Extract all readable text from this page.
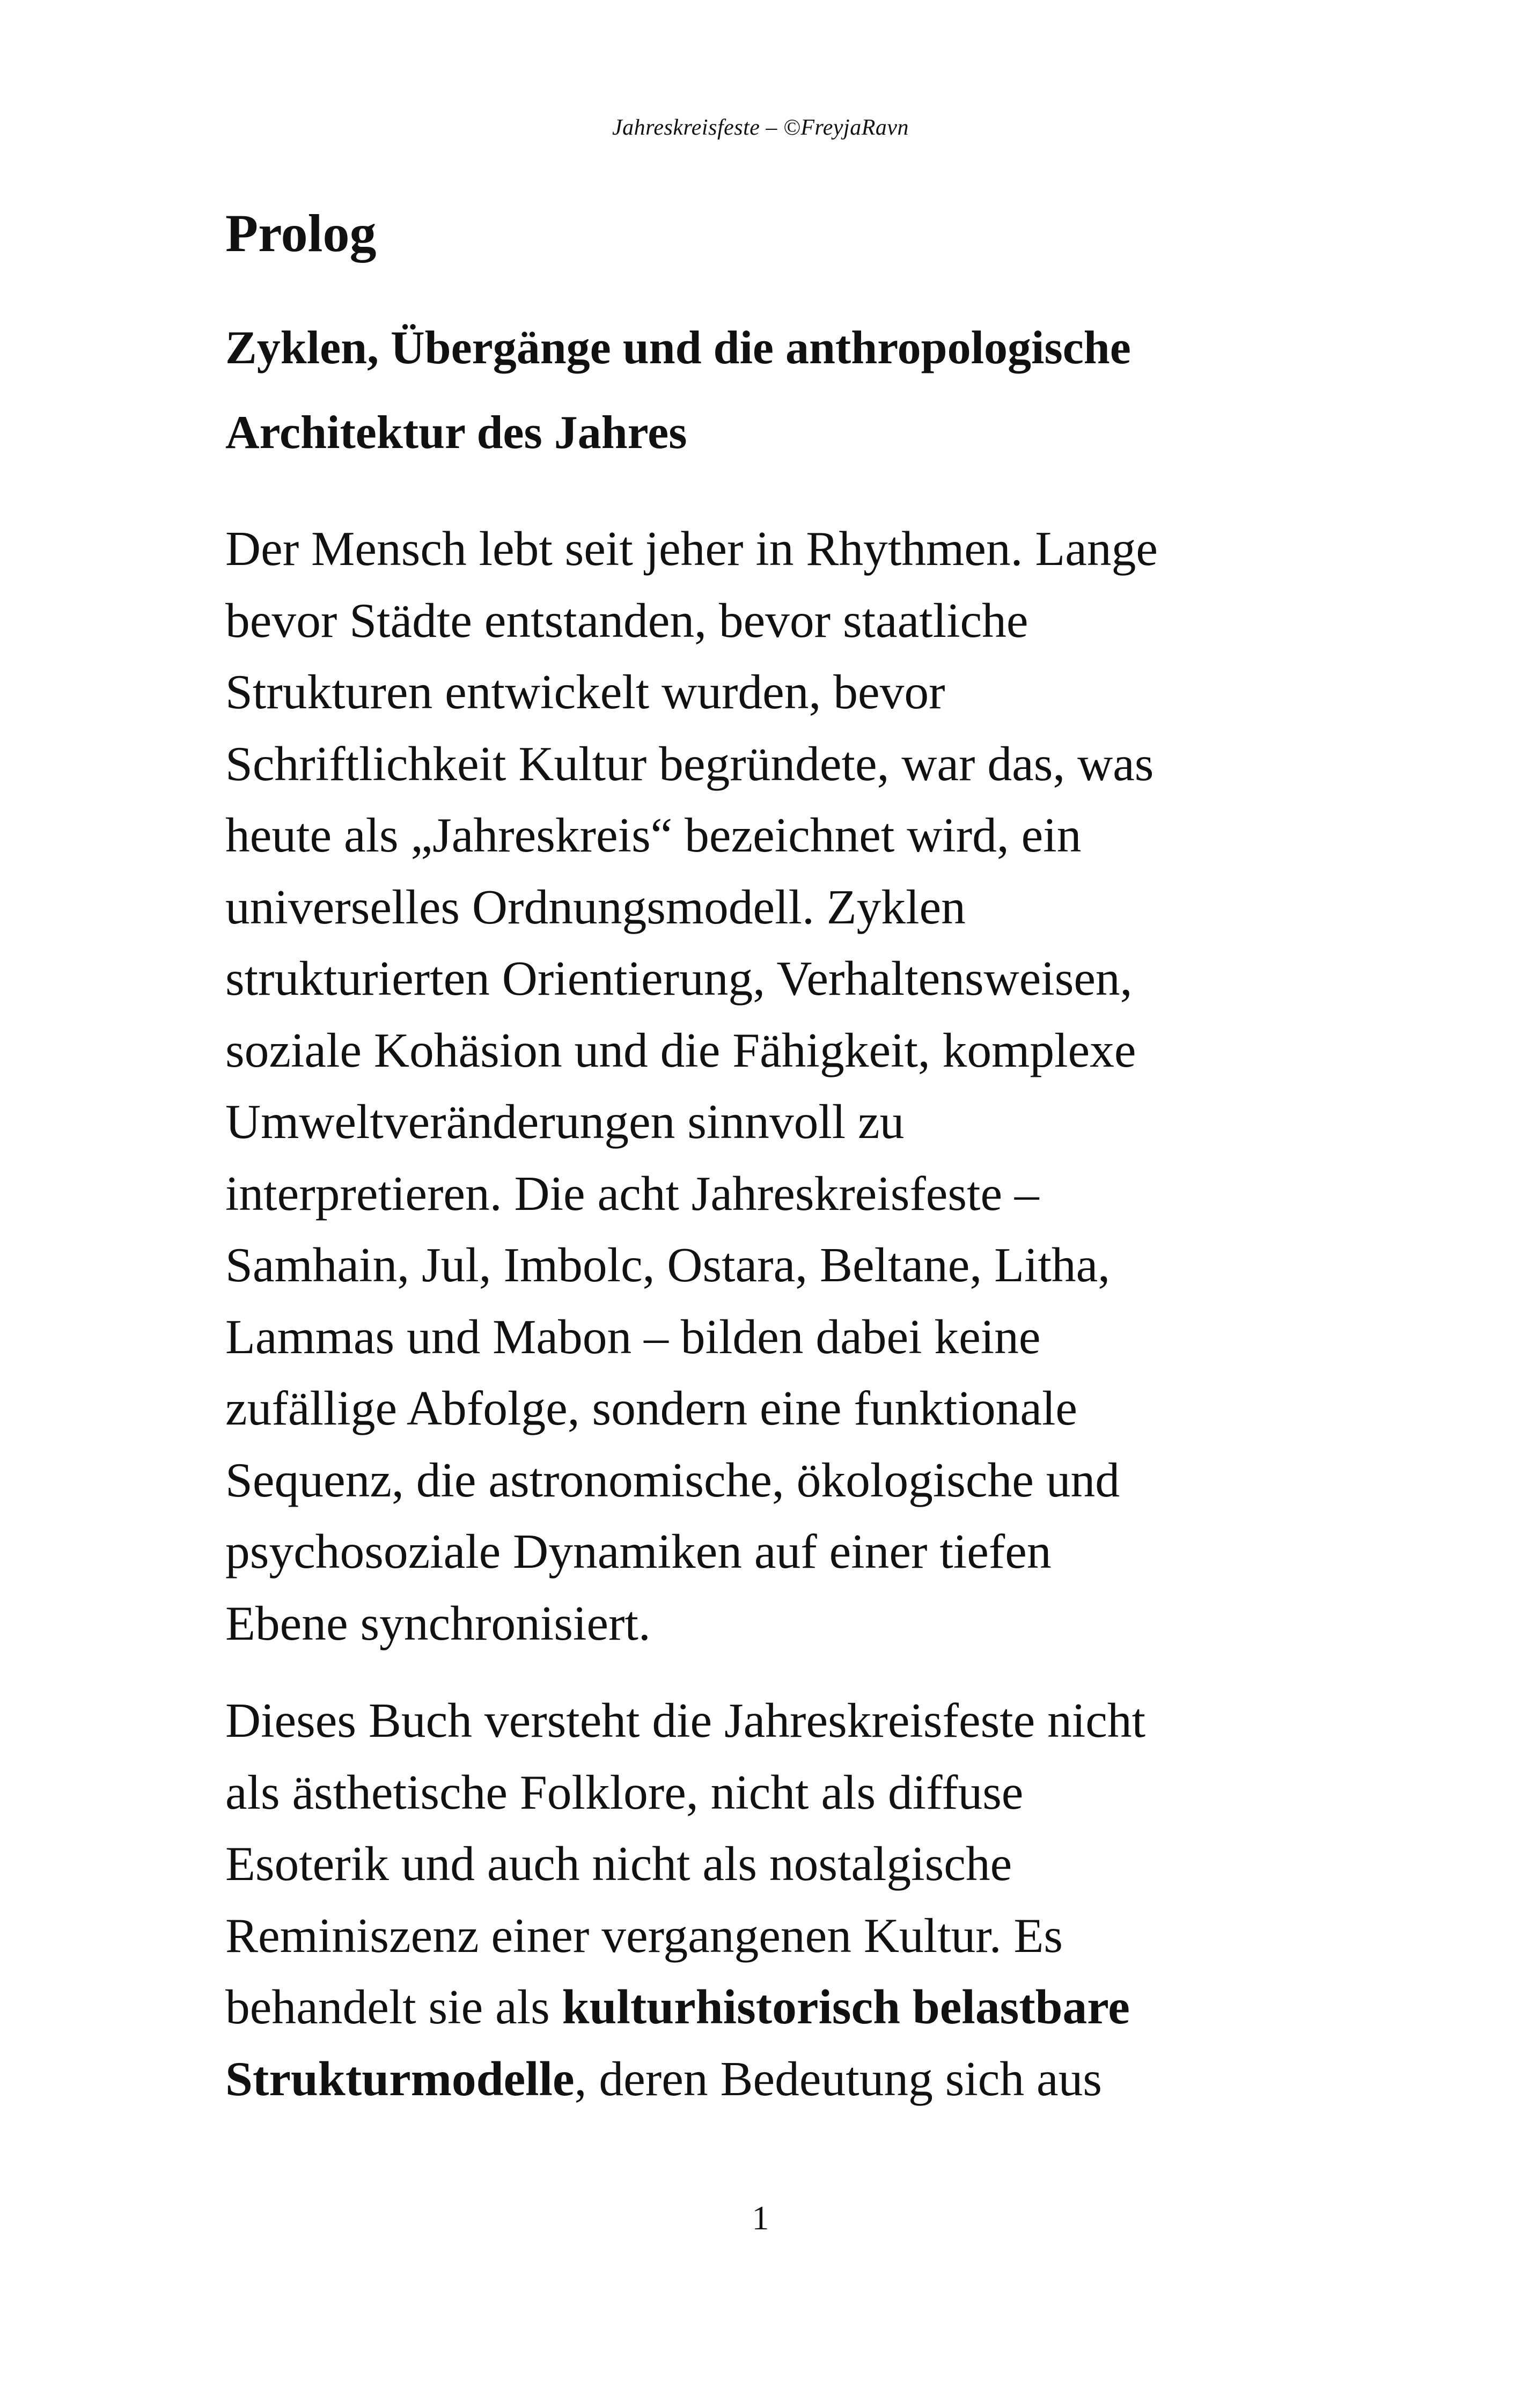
Jahreskreisfeste – ©FreyjaRavn
Prolog
Zyklen, Übergänge und die anthropologische
Architektur des Jahres

Der Mensch lebt seit jeher in Rhythmen. Lange
bevor Städte entstanden, bevor staatliche
Strukturen entwickelt wurden, bevor
Schriftlichkeit Kultur begründete, war das, was
heute als „Jahreskreis“ bezeichnet wird, ein
universelles Ordnungsmodell. Zyklen
strukturierten Orientierung, Verhaltensweisen,
soziale Kohäsion und die Fähigkeit, komplexe
Umweltveränderungen sinnvoll zu
interpretieren. Die acht Jahreskreisfeste –
Samhain, Jul, Imbolc, Ostara, Beltane, Litha,
Lammas und Mabon – bilden dabei keine
zufällige Abfolge, sondern eine funktionale
Sequenz, die astronomische, ökologische und
psychosoziale Dynamiken auf einer tiefen
Ebene synchronisiert.

Dieses Buch versteht die Jahreskreisfeste nicht
als ästhetische Folklore, nicht als diffuse
Esoterik und auch nicht als nostalgische
Reminiszenz einer vergangenen Kultur. Es
behandelt sie als kulturhistorisch belastbare
Strukturmodelle, deren Bedeutung sich aus

1
